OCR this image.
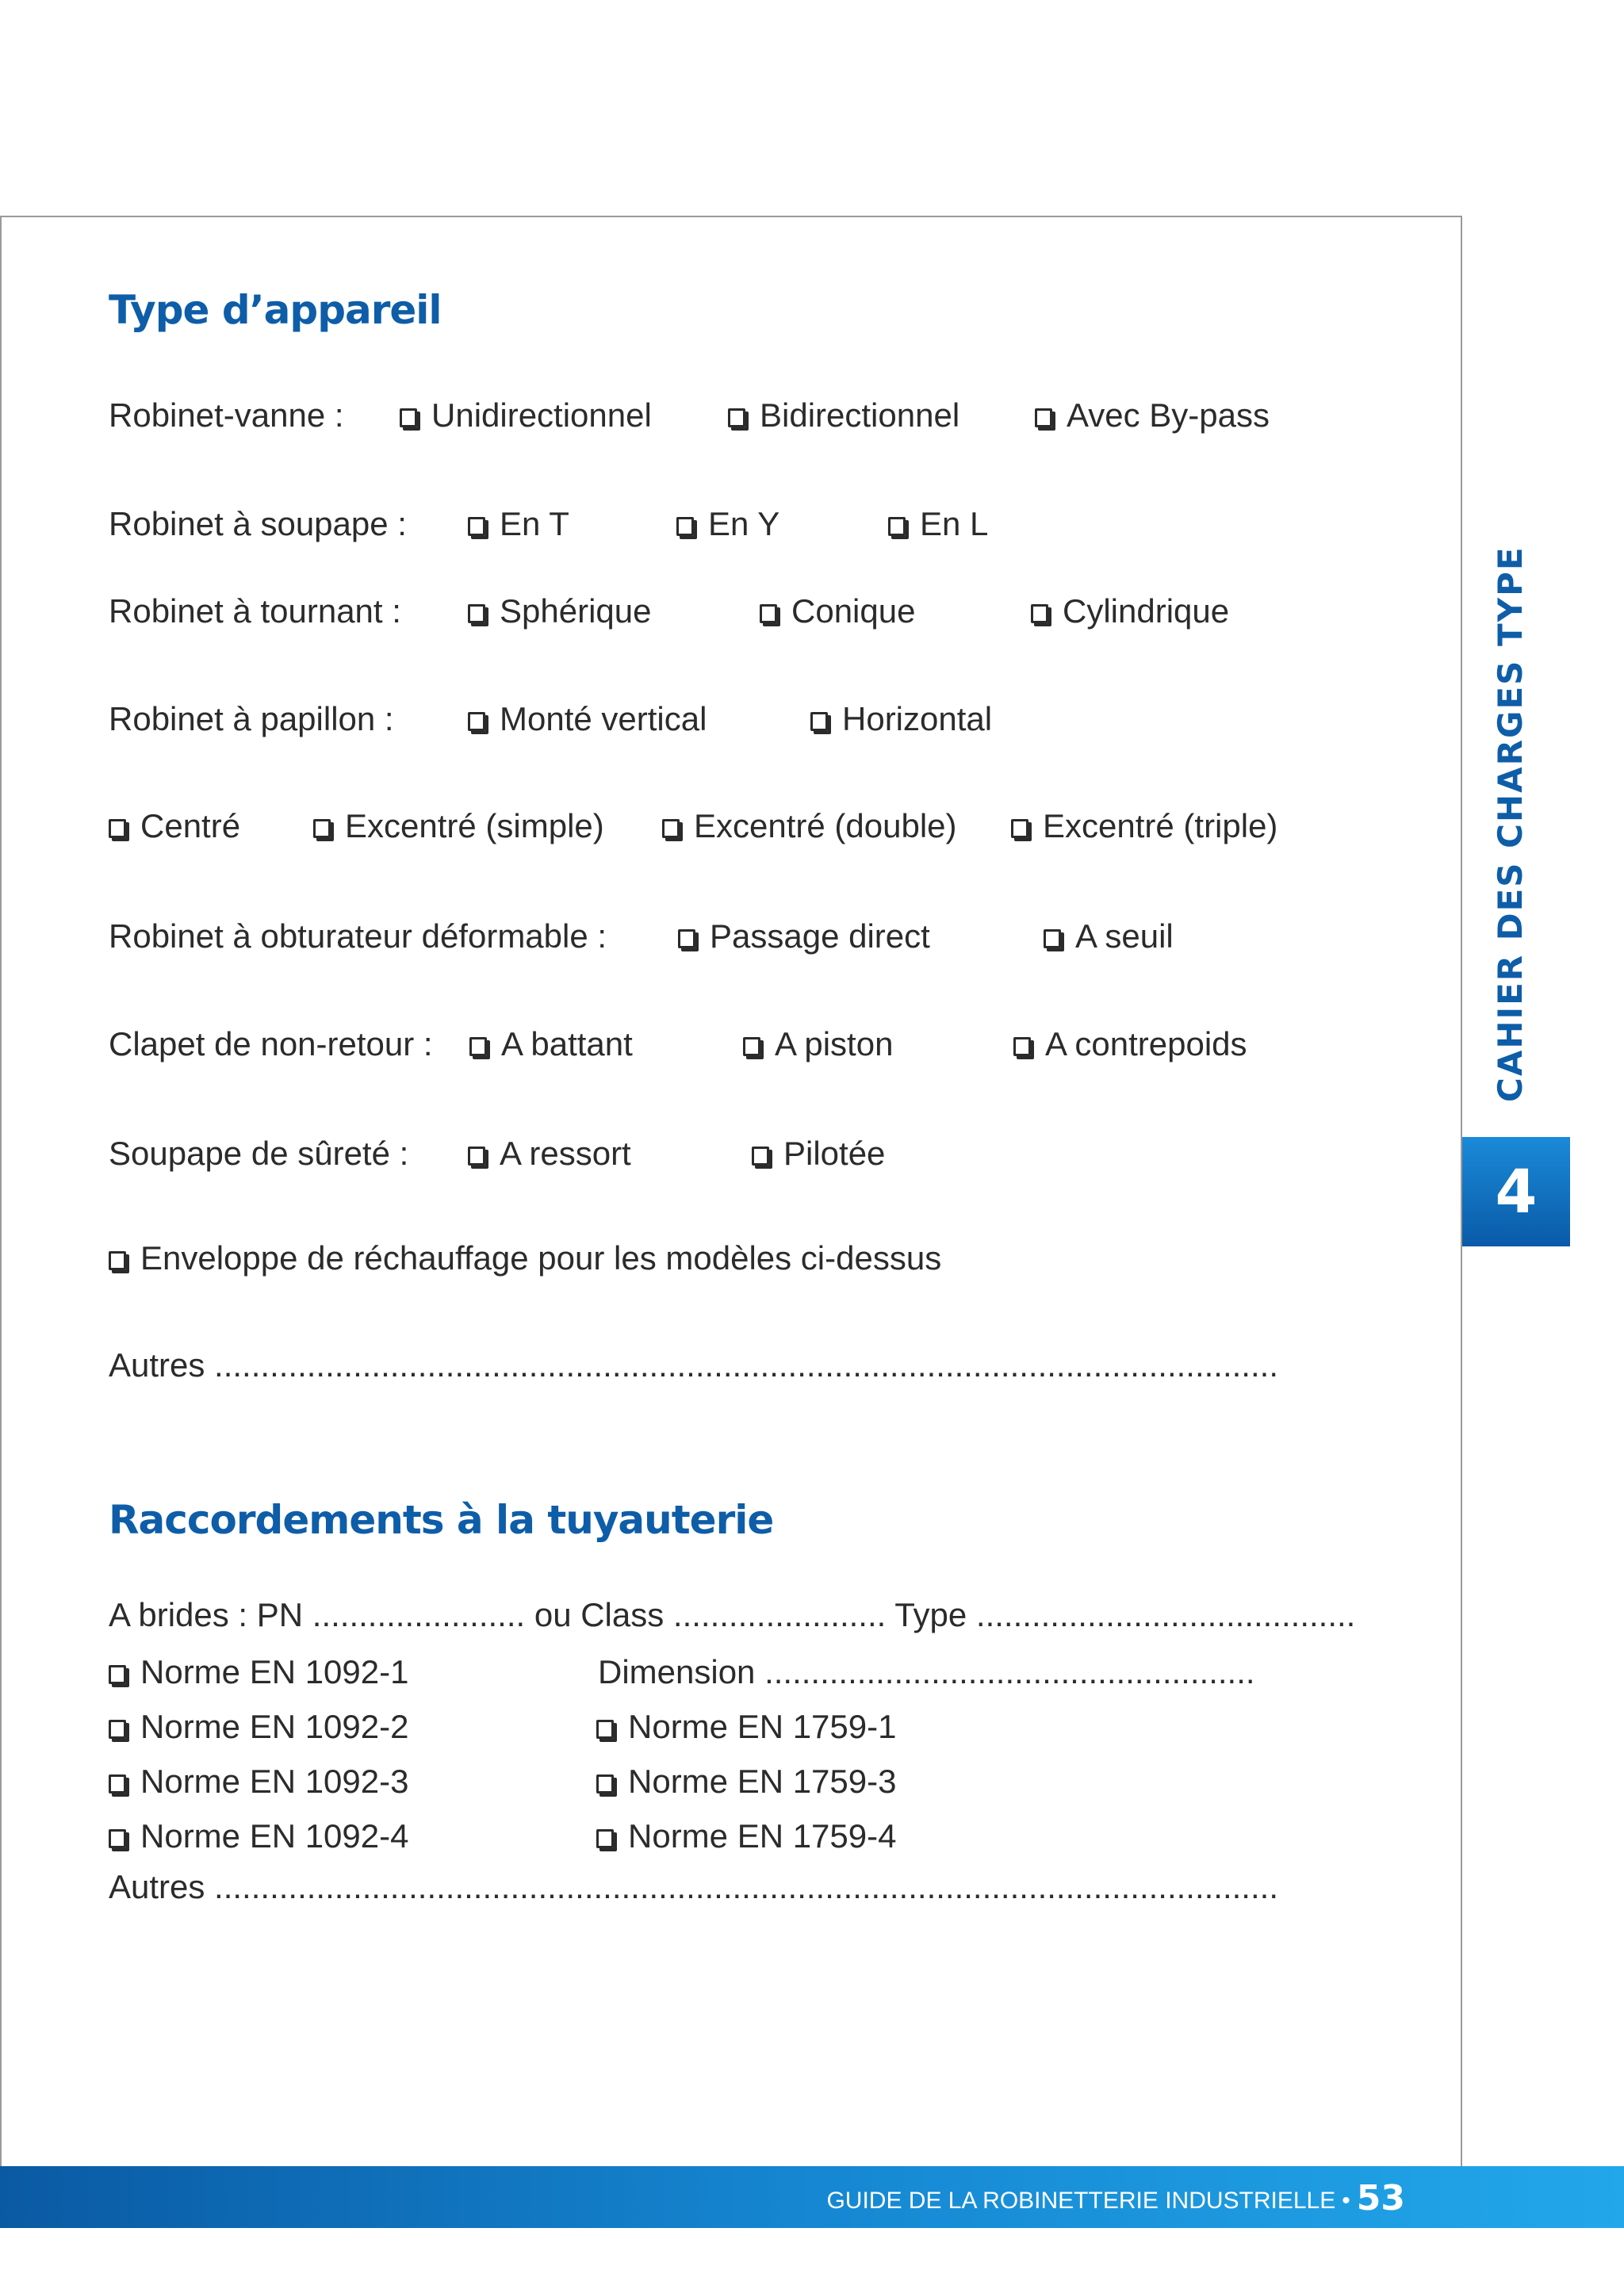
Type d’appareil
Robinet-vanne :	Unidirectionnel	Bidirectionnel	Avec By-pass
Robinet à soupape :	En T	En Y	En L
Robinet à tournant :	Sphérique	Conique	Cylindrique
Robinet à papillon :	Monté vertical	Horizontal
Centré	Excentré (simple)	Excentré (double)	Excentré (triple)
Robinet à obturateur déformable :	Passage direct	A seuil
Clapet de non-retour :	A battant	A piston	A contrepoids
Soupape de sûreté :	A ressort	Pilotée
Enveloppe de réchauffage pour les modèles ci-dessus
Autres ...................................................................................................................
Raccordements à la tuyauterie
A brides : PN ....................... ou Class ....................... Type .........................................
Norme EN 1092-1	Dimension .....................................................
Norme EN 1092-2	Norme EN 1759-1
Norme EN 1092-3	Norme EN 1759-3
Norme EN 1092-4	Norme EN 1759-4
Autres ...................................................................................................................
CAHIER DES CHARGES TYPE
4
GUIDE DE LA ROBINETTERIE INDUSTRIELLE • 53
